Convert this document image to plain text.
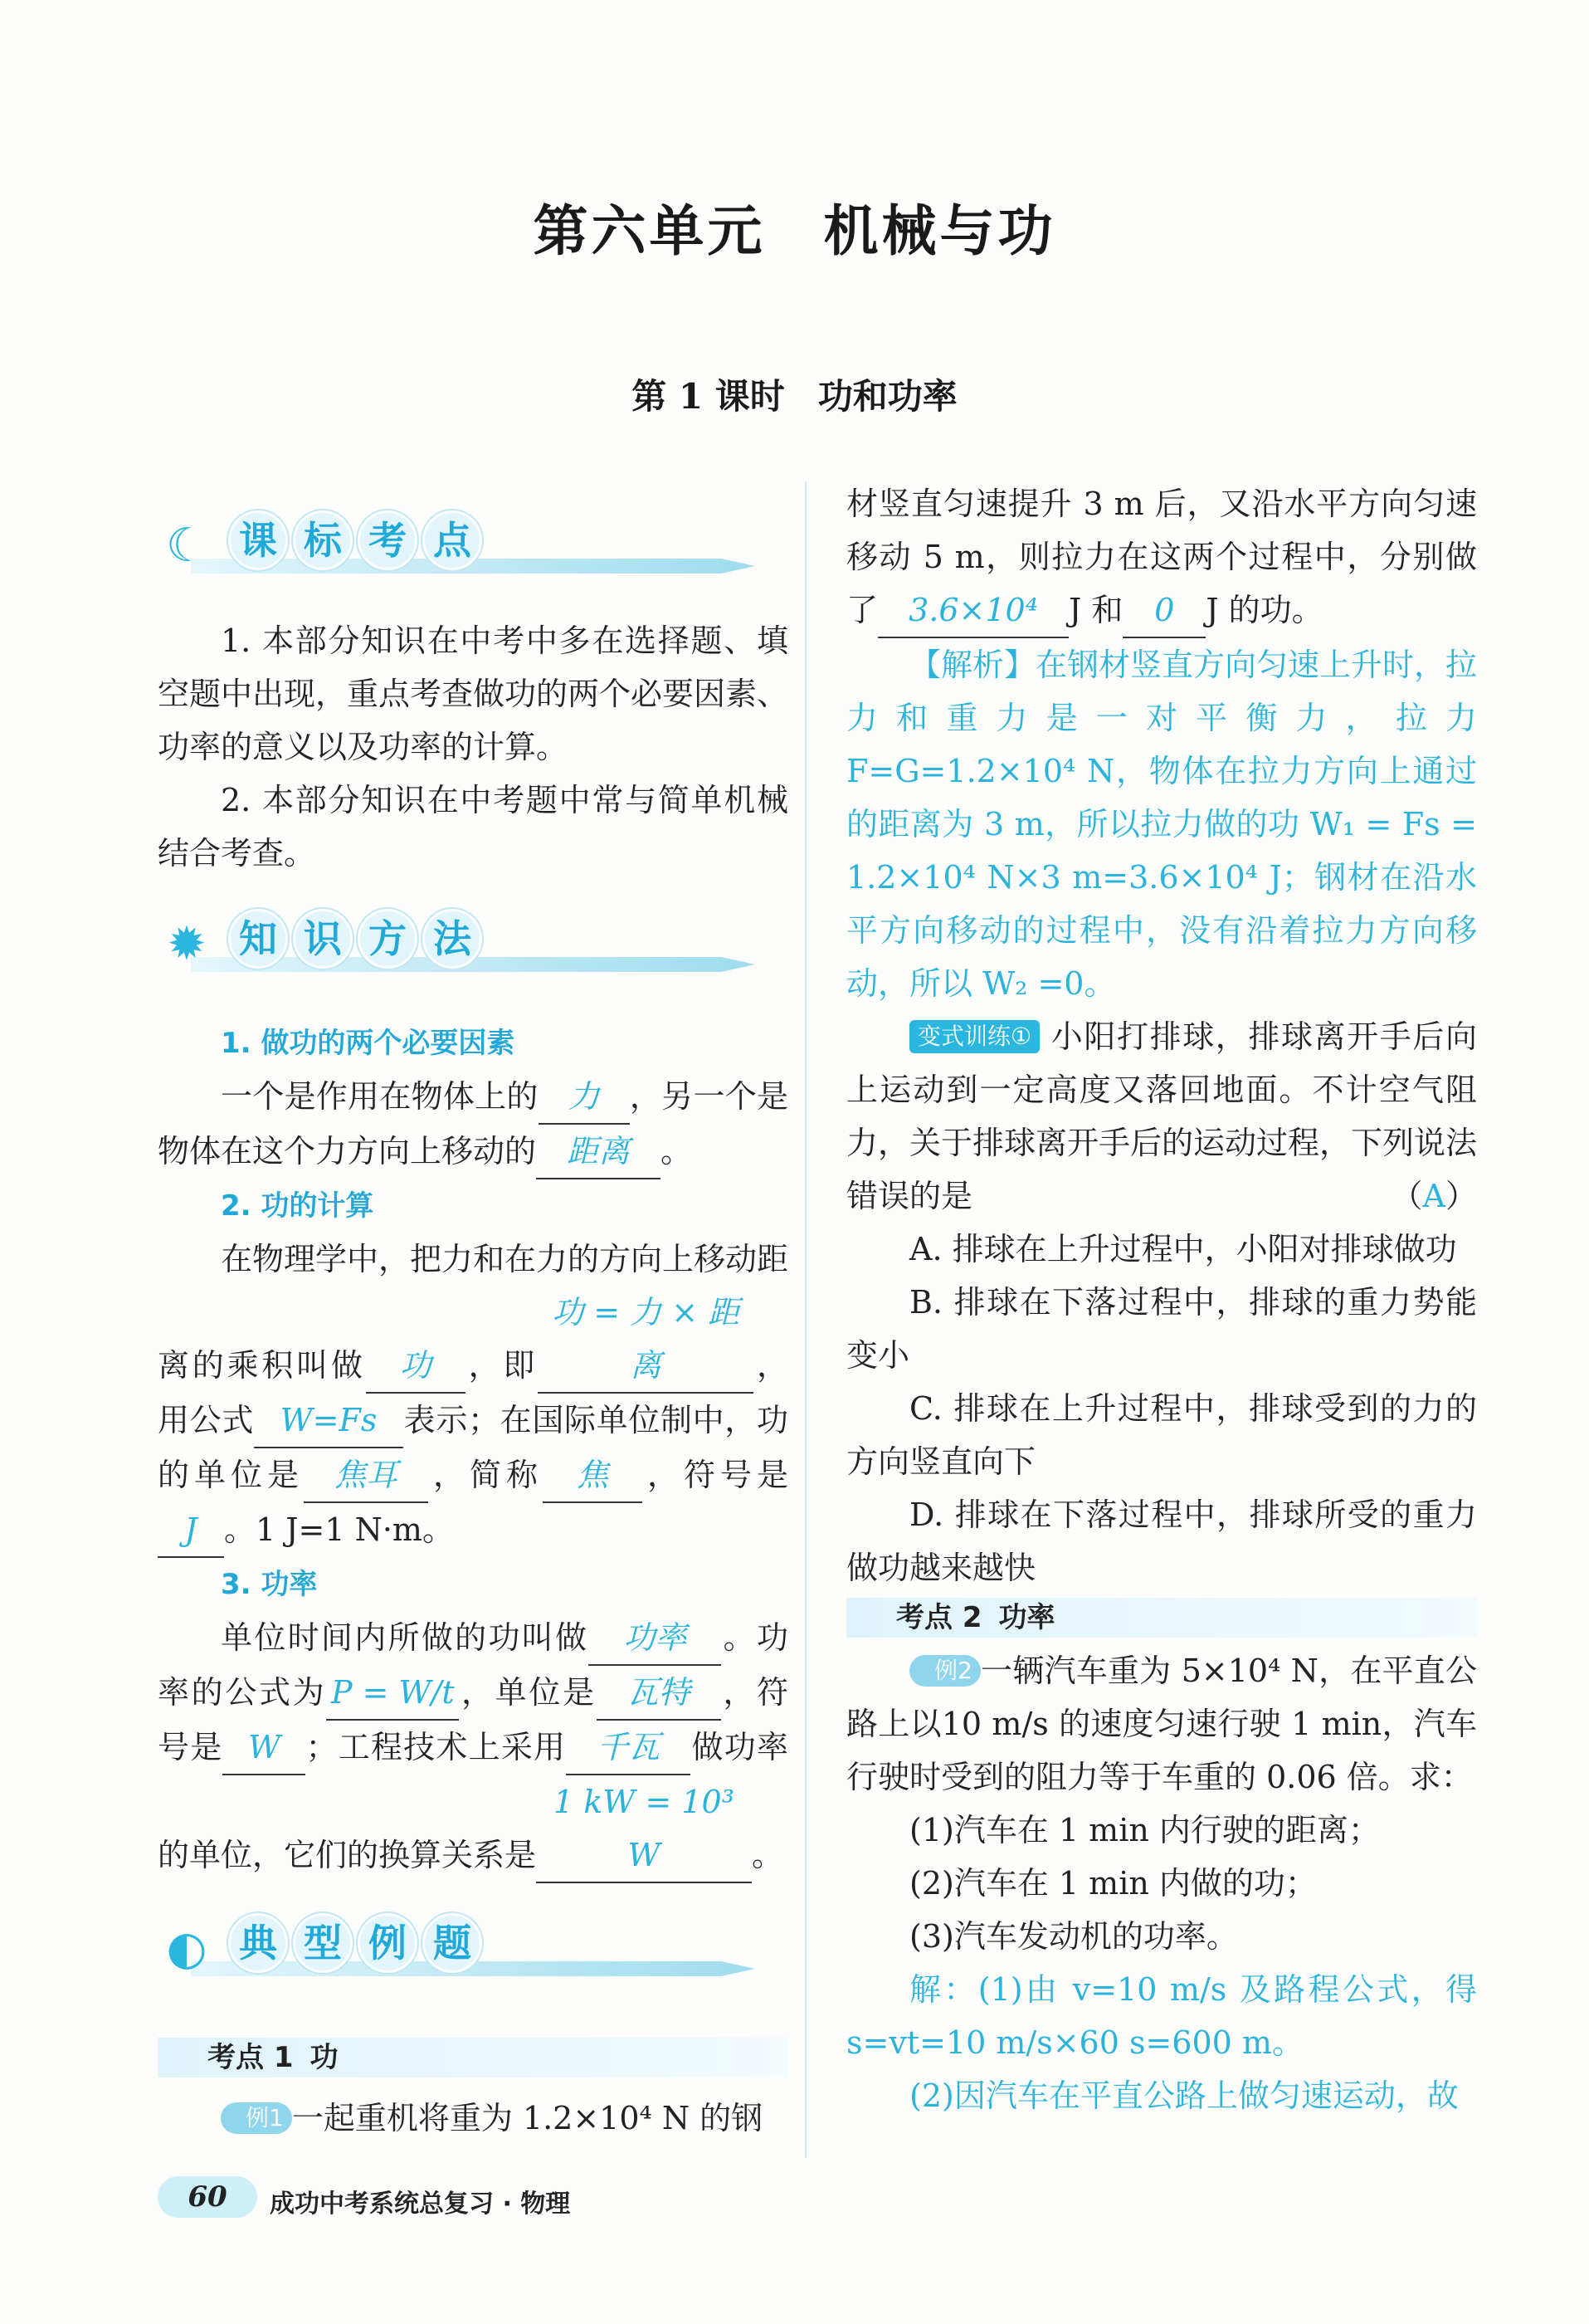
第六单元 机械与功
第 1 课时 功和功率
☾ 课 标 考 点

1. 本部分知识在中考中多在选择题、填空题中出现，重点考查做功的两个必要因素、功率的意义以及功率的计算。

2. 本部分知识在中考题中常与简单机械结合考查。

✹ 知 识 方 法
1. 做功的两个必要因素

一个是作用在物体上的 力 ，另一个是物体在这个力方向上移动的 距离 。

2. 功的计算

在物理学中，把力和在力的方向上移动距离的乘积叫做 功 ，即功 = 力 × 距离	，用公式 W=Fs 表示；在国际单位制中，功的单位是 焦耳 ，简称 焦 ，符号是J 。1 J=1 N·m。

3. 功率

单位时间内所做的功叫做 功率 。功率的公式为 P = W/t ，单位是 瓦特 ，符号是 W ；工程技术上采用 千瓦 做功率的单位，它们的换算关系是1 kW = 10³ W	。

◐ 典 型 例 题
考点 1 功
例1 一起重机将重为 1.2×10⁴ N 的钢
60	成功中考系统总复习 · 物理

材竖直匀速提升 3 m 后，又沿水平方向匀速移动 5 m，则拉力在这两个过程中，分别做了 3.6×10⁴ J 和 0 J 的功。

【解析】在钢材竖直方向匀速上升时，拉力和重力是一对平衡力，拉力 F=G=1.2×10⁴ N，物体在拉力方向上通过的距离为 3 m，所以拉力做的功 W₁ = Fs = 1.2×10⁴ N×3 m=3.6×10⁴ J；钢材在沿水平方向移动的过程中，没有沿着拉力方向移动，所以 W₂ =0。

变式训练① 小阳打排球，排球离开手后向上运动到一定高度又落回地面。不计空气阻力，关于排球离开手后的运动过程，下列说法错误的是	（A）

A. 排球在上升过程中，小阳对排球做功

B. 排球在下落过程中，排球的重力势能变小

C. 排球在上升过程中，排球受到的力的方向竖直向下

D. 排球在下落过程中，排球所受的重力做功越来越快

考点 2 功率

例2 一辆汽车重为 5×10⁴ N，在平直公路上以10 m/s 的速度匀速行驶 1 min，汽车行驶时受到的阻力等于车重的 0.06 倍。求：

(1)汽车在 1 min 内行驶的距离；

(2)汽车在 1 min 内做的功；

(3)汽车发动机的功率。

解：(1)由 v=10 m/s 及路程公式，得 s=vt=10 m/s×60 s=600 m。

(2)因汽车在平直公路上做匀速运动，故
